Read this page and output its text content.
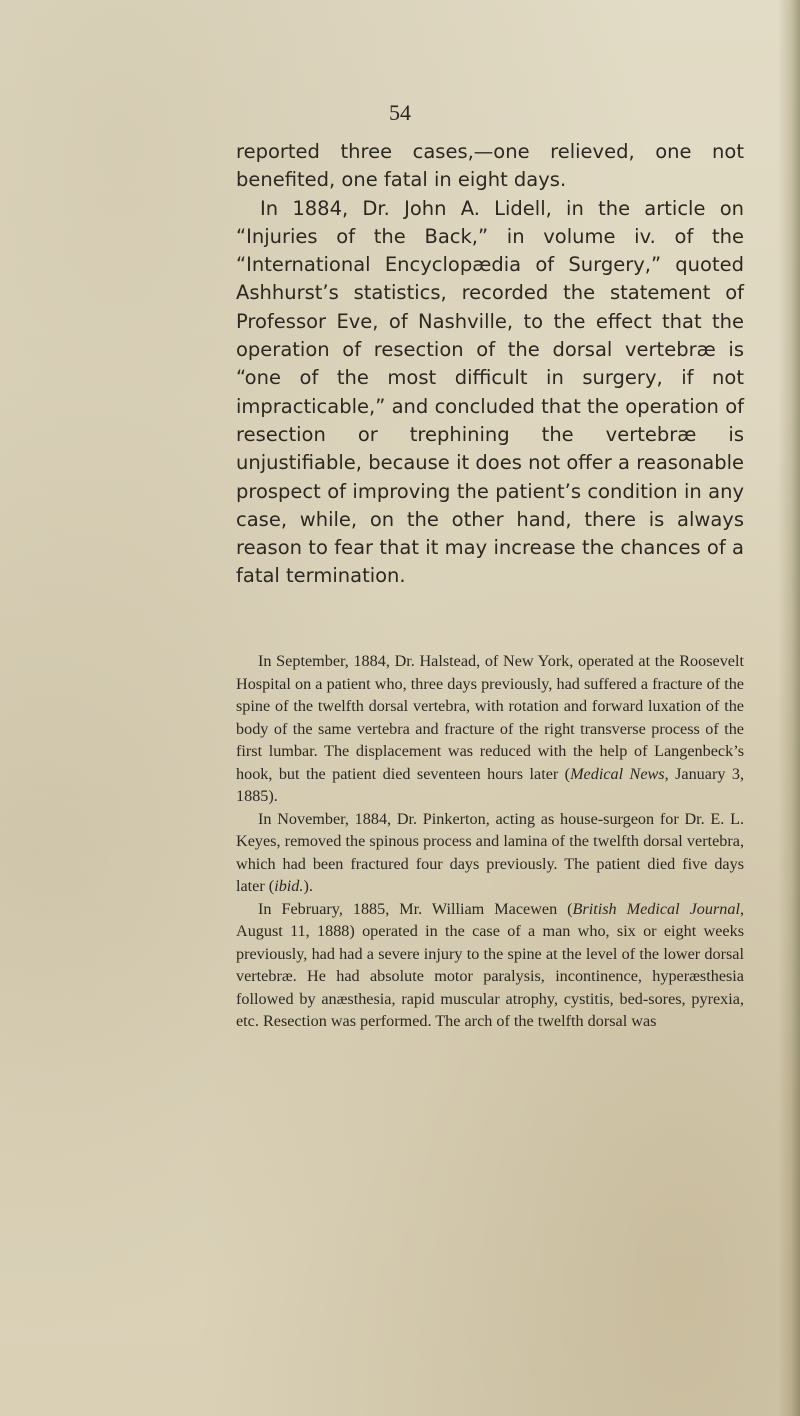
54

reported three cases,—one relieved, one not benefited, one fatal in eight days.

In 1884, Dr. John A. Lidell, in the article on “Injuries of the Back,” in volume iv. of the “International Encyclopædia of Surgery,” quoted Ashhurst’s statistics, recorded the statement of Professor Eve, of Nashville, to the effect that the operation of resection of the dorsal vertebræ is “one of the most difficult in surgery, if not impracticable,” and concluded that the operation of resection or trephining the vertebræ is unjustifiable, because it does not offer a reasonable prospect of improving the patient’s condition in any case, while, on the other hand, there is always reason to fear that it may increase the chances of a fatal termination.

In September, 1884, Dr. Halstead, of New York, operated at the Roosevelt Hospital on a patient who, three days previously, had suffered a fracture of the spine of the twelfth dorsal vertebra, with rotation and forward luxation of the body of the same vertebra and fracture of the right transverse process of the first lumbar. The displacement was reduced with the help of Langenbeck’s hook, but the patient died seventeen hours later (Medical News, January 3, 1885).

In November, 1884, Dr. Pinkerton, acting as house-surgeon for Dr. E. L. Keyes, removed the spinous process and lamina of the twelfth dorsal vertebra, which had been fractured four days previously. The patient died five days later (ibid.).

In February, 1885, Mr. William Macewen (British Medical Journal, August 11, 1888) operated in the case of a man who, six or eight weeks previously, had had a severe injury to the spine at the level of the lower dorsal vertebræ. He had absolute motor paralysis, incontinence, hyperæsthesia followed by anæsthesia, rapid muscular atrophy, cystitis, bed-sores, pyrexia, etc. Resection was performed. The arch of the twelfth dorsal was
